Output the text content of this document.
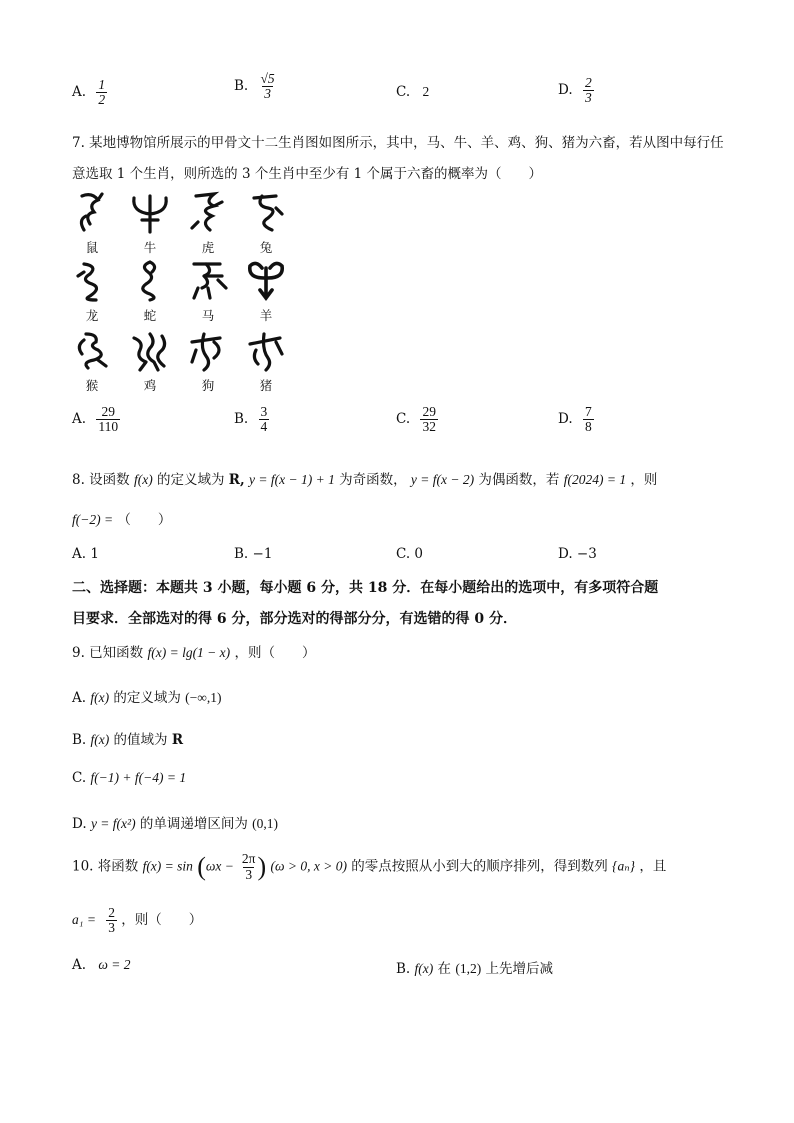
A. $\frac{1}{2}$	B. $\frac{√5}{3}$	C. 2	D. $\frac{2}{3}$
7. 某地博物馆所展示的甲骨文十二生肖图如图所示，其中，马、牛、羊、鸡、狗、猪为六畜，若从图中每行任
意选取 1 个生肖，则所选的 3 个生肖中至少有 1 个属于六畜的概率为（　　）
鼠	牛	虎	兔
龙	蛇	马	羊
猴	鸡	狗	猪
A. $\frac{29}{110}$	B. $\frac{3}{4}$	C. $\frac{29}{32}$	D. $\frac{7}{8}$
8. 设函数 f(x) 的定义域为 R, y = f(x − 1) + 1 为奇函数， y = f(x − 2) 为偶函数，若 f(2024) = 1 ，则
f(−2) = （　　）
A. 1	B. −1	C. 0	D. −3
二、选择题：本题共 3 小题，每小题 6 分，共 18 分．在每小题给出的选项中，有多项符合题
目要求．全部选对的得 6 分，部分选对的得部分分，有选错的得 0 分．
9. 已知函数 f(x) = lg(1 − x) ，则（　　）
A. f(x) 的定义域为 (−∞,1)
B. f(x) 的值域为 R
C. f(−1) + f(−4) = 1
D. y = f(x²) 的单调递增区间为 (0,1)
10. 将函数 $f(x) = \sin (\omega x - \frac{2\pi}{3}$ ) (ω > 0, x > 0) 的零点按照从小到大的顺序排列，得到数列 {aₙ} ，且
$a_1 = \frac{2}{3}$ ，则（　　）
A. ω = 2	B. f(x) 在 (1,2) 上先增后减
